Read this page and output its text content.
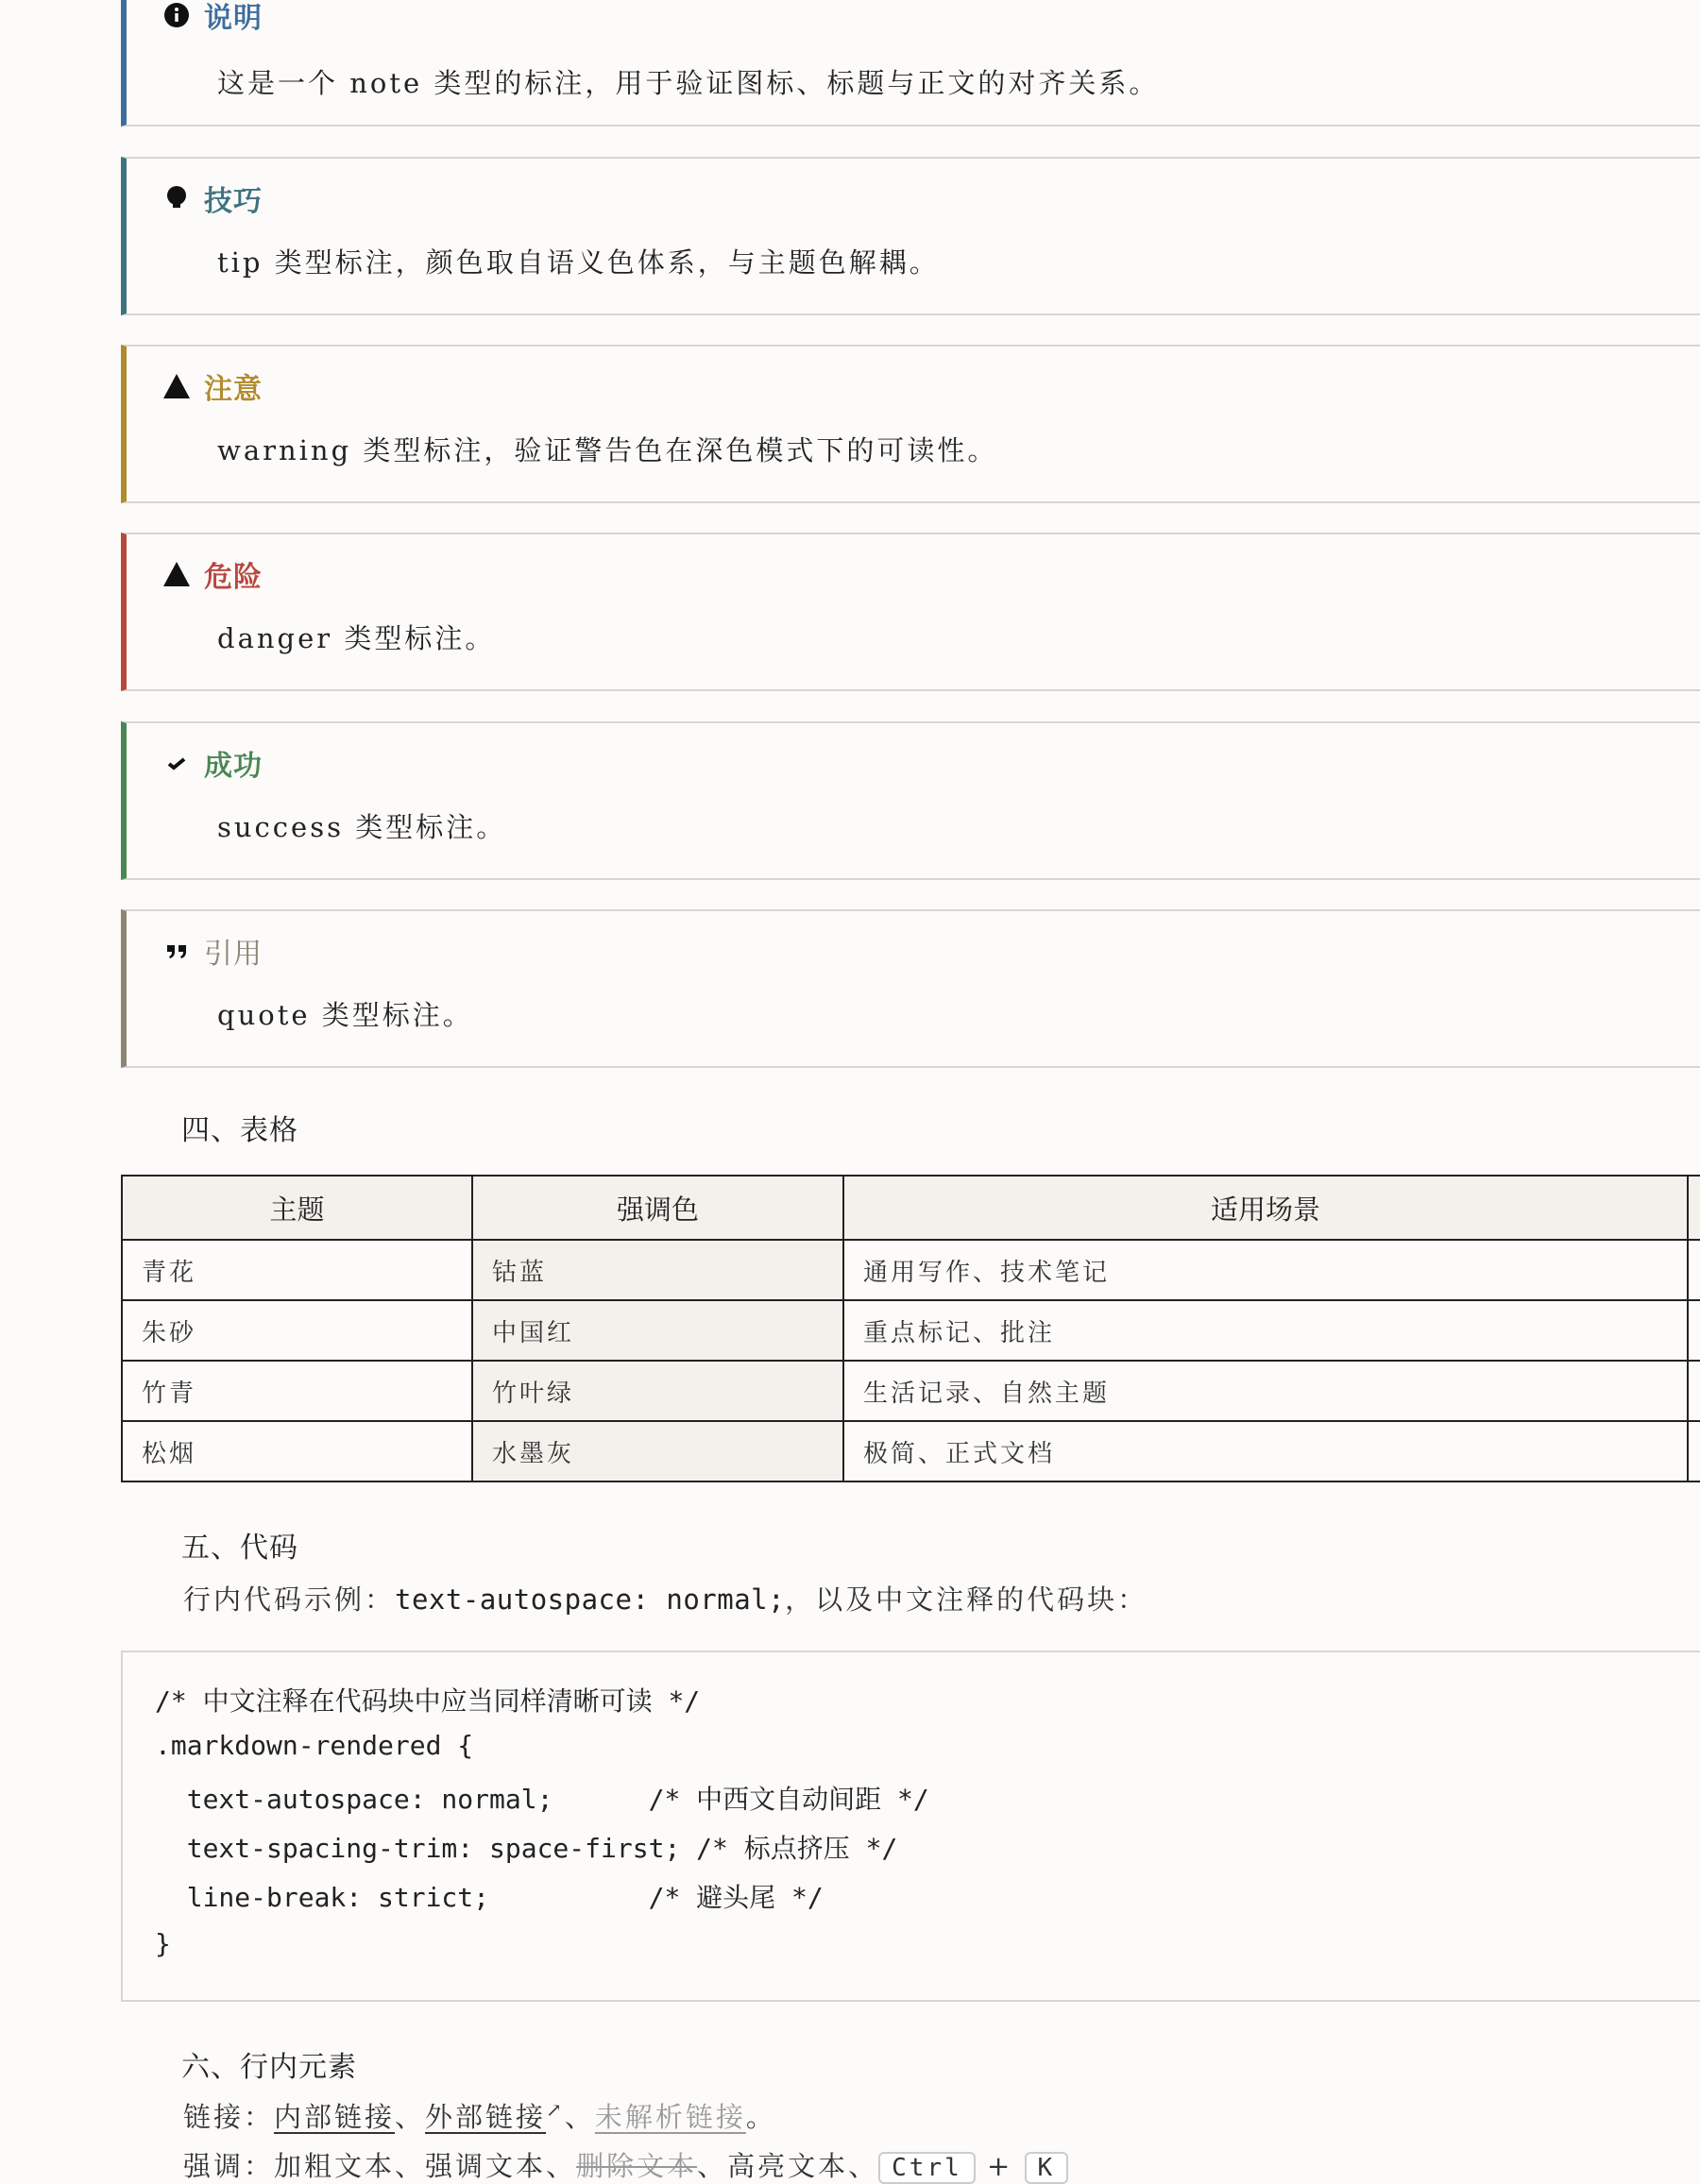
说明
这是一个 note 类型的标注，用于验证图标、标题与正文的对齐关系。
技巧
tip 类型标注，颜色取自语义色体系，与主题色解耦。
注意
warning 类型标注，验证警告色在深色模式下的可读性。
危险
danger 类型标注。
成功
success 类型标注。
引用
quote 类型标注。
四、表格
主题	强调色	适用场景	
青花	钴蓝	通用写作、技术笔记	
朱砂	中国红	重点标记、批注	
竹青	竹叶绿	生活记录、自然主题	
松烟	水墨灰	极简、正式文档	
五、代码
行内代码示例：text-autospace: normal;，以及中文注释的代码块：
/* 中文注释在代码块中应当同样清晰可读 */
.markdown-rendered {
text-autospace: normal;      /* 中西文自动间距 */
text-spacing-trim: space-first; /* 标点挤压 */
line-break: strict;          /* 避头尾 */
}
六、行内元素
链接：内部链接、外部链接↗、未解析链接。
强调：加粗文本、强调文本、删除文本、高亮文本、 Ctrl + K
